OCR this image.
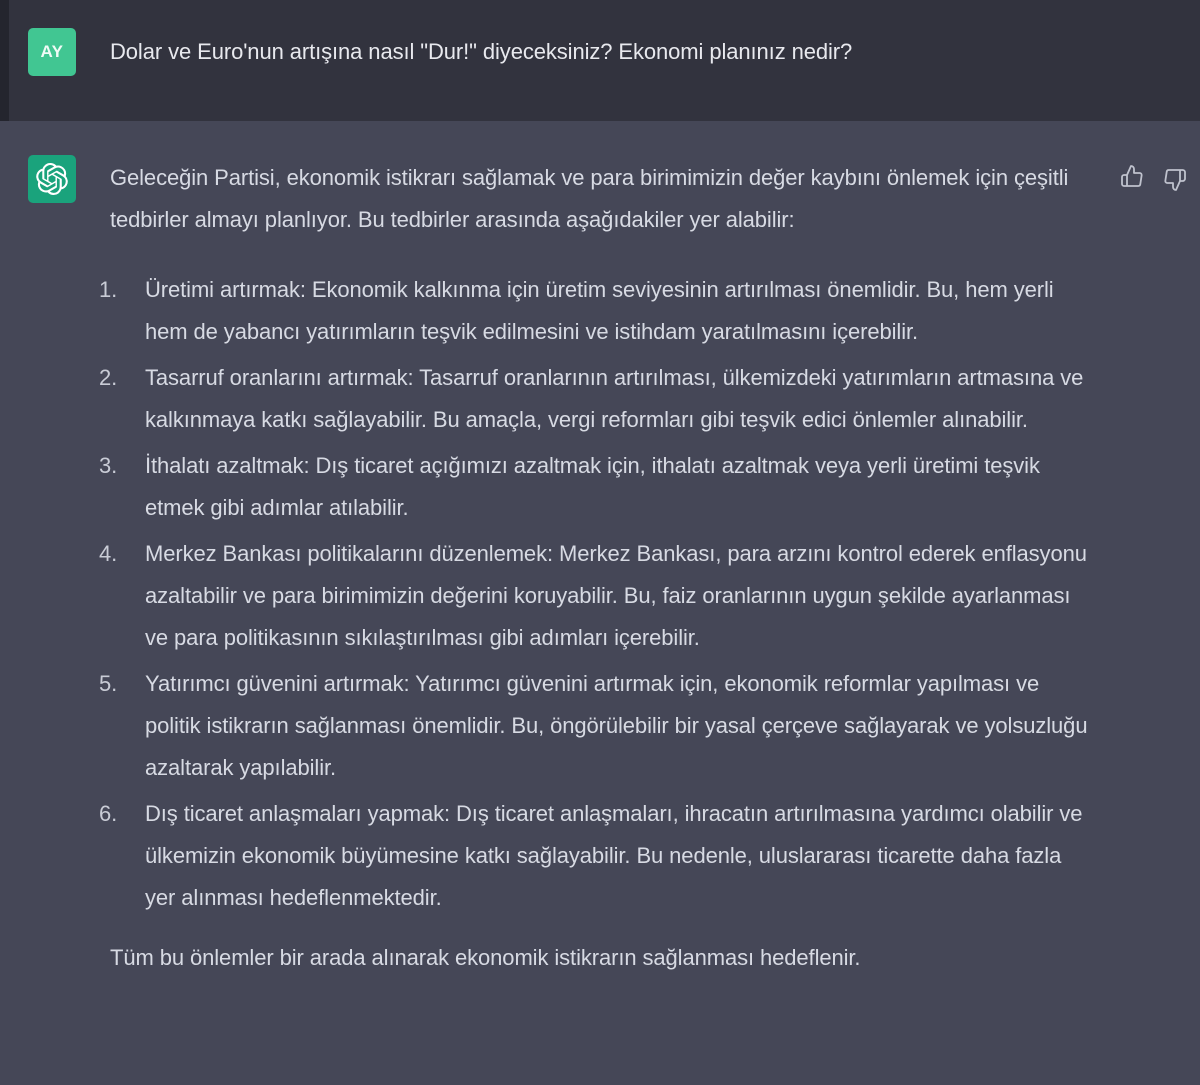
AY Dolar ve Euro'nun artışına nasıl "Dur!" diyeceksiniz? Ekonomi planınız nedir?

Geleceğin Partisi, ekonomik istikrarı sağlamak ve para birimimizin değer kaybını önlemek için çeşitli tedbirler almayı planlıyor. Bu tedbirler arasında aşağıdakiler yer alabilir:

1.	Üretimi artırmak: Ekonomik kalkınma için üretim seviyesinin artırılması önemlidir. Bu, hem yerli hem de yabancı yatırımların teşvik edilmesini ve istihdam yaratılmasını içerebilir.
2.	Tasarruf oranlarını artırmak: Tasarruf oranlarının artırılması, ülkemizdeki yatırımların artmasına ve kalkınmaya katkı sağlayabilir. Bu amaçla, vergi reformları gibi teşvik edici önlemler alınabilir.
3.	İthalatı azaltmak: Dış ticaret açığımızı azaltmak için, ithalatı azaltmak veya yerli üretimi teşvik etmek gibi adımlar atılabilir.
4.	Merkez Bankası politikalarını düzenlemek: Merkez Bankası, para arzını kontrol ederek enflasyonu azaltabilir ve para birimimizin değerini koruyabilir. Bu, faiz oranlarının uygun şekilde ayarlanması ve para politikasının sıkılaştırılması gibi adımları içerebilir.
5.	Yatırımcı güvenini artırmak: Yatırımcı güvenini artırmak için, ekonomik reformlar yapılması ve politik istikrarın sağlanması önemlidir. Bu, öngörülebilir bir yasal çerçeve sağlayarak ve yolsuzluğu azaltarak yapılabilir.
6.	Dış ticaret anlaşmaları yapmak: Dış ticaret anlaşmaları, ihracatın artırılmasına yardımcı olabilir ve ülkemizin ekonomik büyümesine katkı sağlayabilir. Bu nedenle, uluslararası ticarette daha fazla yer alınması hedeflenmektedir.

Tüm bu önlemler bir arada alınarak ekonomik istikrarın sağlanması hedeflenir.
